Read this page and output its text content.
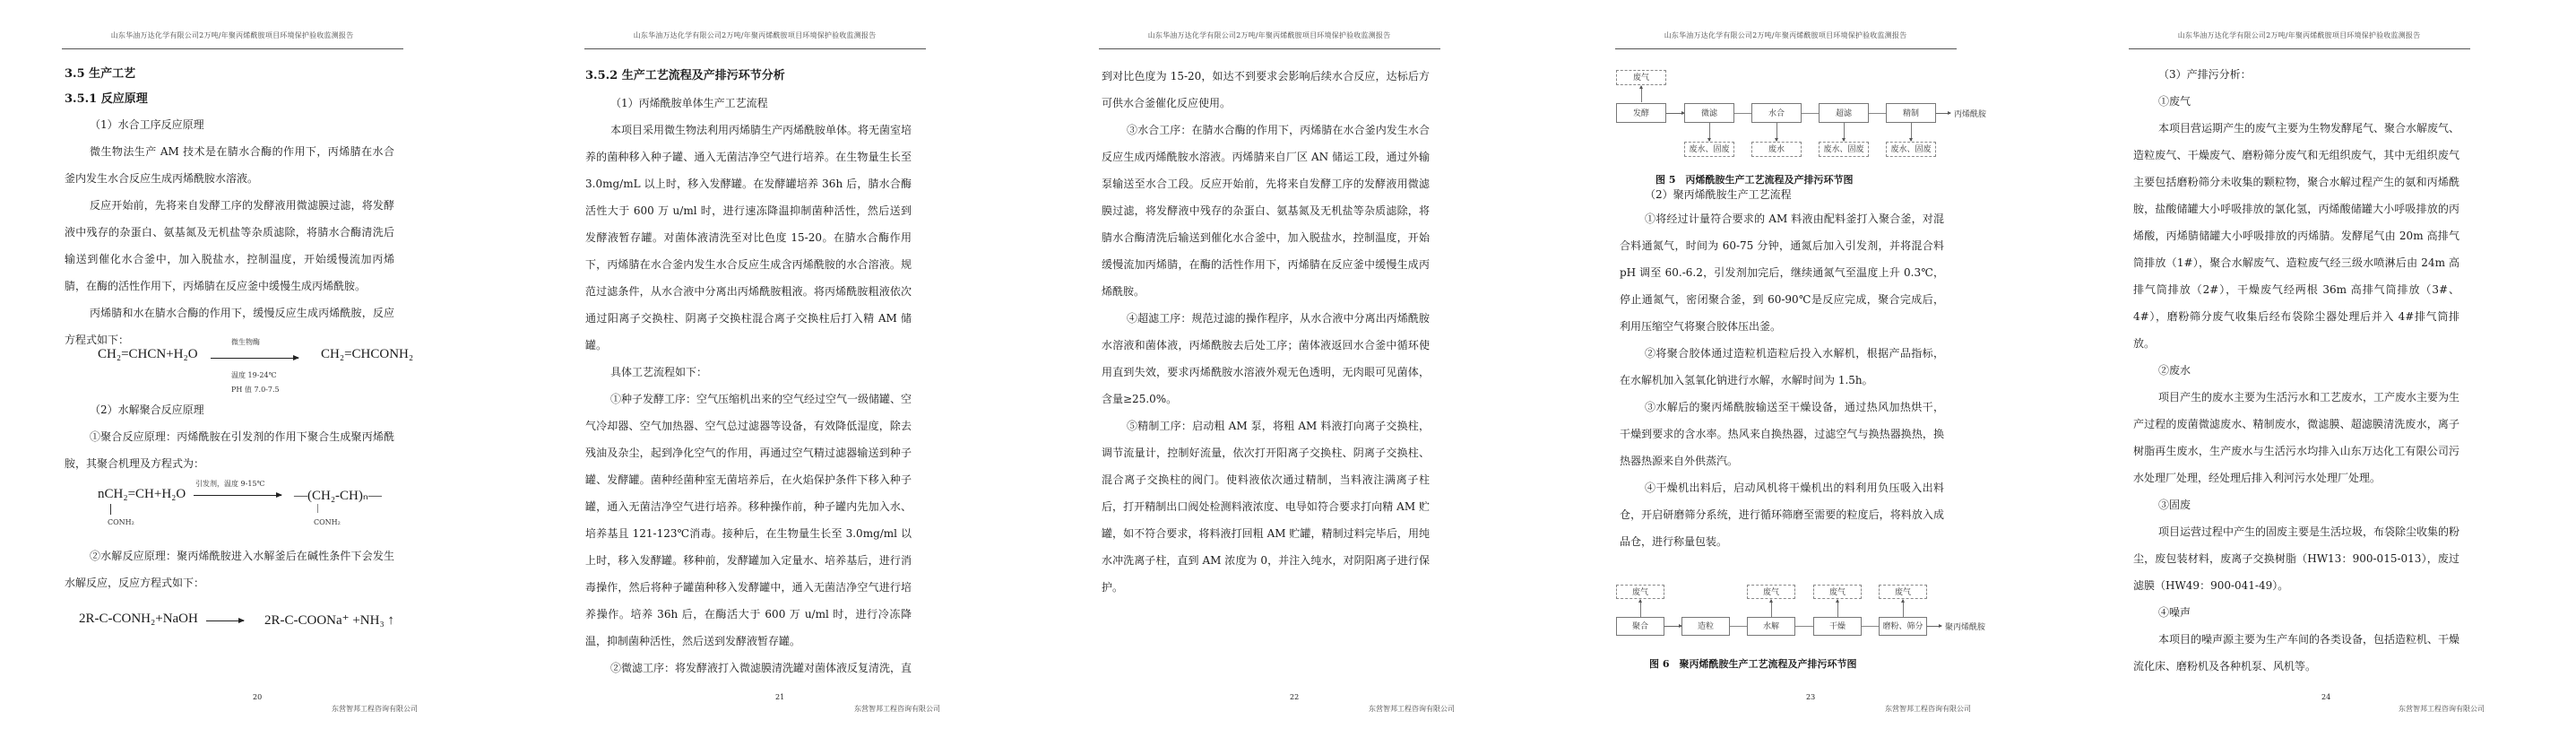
山东华油万达化学有限公司2万吨/年聚丙烯酰胺项目环境保护验收监测报告

3.5 生产工艺

3.5.1 反应原理

（1）水合工序反应原理

微生物法生产 AM 技术是在腈水合酶的作用下，丙烯腈在水合釜内发生水合反应生成丙烯酰胺水溶液。

反应开始前，先将来自发酵工序的发酵液用微滤膜过滤，将发酵液中残存的杂蛋白、氨基氮及无机盐等杂质滤除，将腈水合酶清洗后输送到催化水合釜中，加入脱盐水，控制温度，开始缓慢流加丙烯腈，在酶的活性作用下，丙烯腈在反应釜中缓慢生成丙烯酰胺。

丙烯腈和水在腈水合酶的作用下，缓慢反应生成丙烯酰胺，反应方程式如下：

CH₂=CHCN+H₂O
微生物酶
温度 19-24℃
PH 值 7.0-7.5
CH₂=CHCONH₂

（2）水解聚合反应原理

①聚合反应原理：丙烯酰胺在引发剂的作用下聚合生成聚丙烯酰胺，其聚合机理及方程式为：

nCH₂=CH+H₂O
引发剂，温度 9-15℃
—(CH₂-CH)ₙ—
CONH₂	CONH₂

②水解反应原理：聚丙烯酰胺进入水解釜后在碱性条件下会发生水解反应，反应方程式如下：

2R-C-CONH₂+NaOH → 2R-C-COONa⁺ +NH₃ ↑
20
东营智邦工程咨询有限公司
山东华油万达化学有限公司2万吨/年聚丙烯酰胺项目环境保护验收监测报告

3.5.2 生产工艺流程及产排污环节分析

（1）丙烯酰胺单体生产工艺流程

本项目采用微生物法利用丙烯腈生产丙烯酰胺单体。将无菌室培养的菌种移入种子罐、通入无菌洁净空气进行培养。在生物量生长至3.0mg/mL 以上时，移入发酵罐。在发酵罐培养 36h 后，腈水合酶活性大于 600 万 u/ml 时，进行速冻降温抑制菌种活性，然后送到发酵液暂存罐。对菌体液清洗至对比色度 15-20。在腈水合酶作用下，丙烯腈在水合釜内发生水合反应生成含丙烯酰胺的水合溶液。规范过滤条件，从水合液中分离出丙烯酰胺粗液。将丙烯酰胺粗液依次通过阳离子交换柱、阴离子交换柱混合离子交换柱后打入精 AM 储罐。

具体工艺流程如下：

①种子发酵工序：空气压缩机出来的空气经过空气一级储罐、空气冷却器、空气加热器、空气总过滤器等设备，有效降低湿度，除去残油及杂尘，起到净化空气的作用，再通过空气精过滤器输送到种子罐、发酵罐。菌种经菌种室无菌培养后，在火焰保护条件下移入种子罐，通入无菌洁净空气进行培养。移种操作前，种子罐内先加入水、培养基且 121-123℃消毒。接种后，在生物量生长至 3.0mg/ml 以上时，移入发酵罐。移种前，发酵罐加入定量水、培养基后，进行消毒操作，然后将种子罐菌种移入发酵罐中，通入无菌洁净空气进行培养操作。培养 36h 后，在酶活大于 600 万 u/ml 时，进行冷冻降温，抑制菌种活性，然后送到发酵液暂存罐。

②微滤工序：将发酵液打入微滤膜清洗罐对菌体液反复清洗，直

21
东营智邦工程咨询有限公司
山东华油万达化学有限公司2万吨/年聚丙烯酰胺项目环境保护验收监测报告

到对比色度为 15-20，如达不到要求会影响后续水合反应，达标后方可供水合釜催化反应使用。

③水合工序：在腈水合酶的作用下，丙烯腈在水合釜内发生水合反应生成丙烯酰胺水溶液。丙烯腈来自厂区 AN 储运工段，通过外输泵输送至水合工段。反应开始前，先将来自发酵工序的发酵液用微滤膜过滤，将发酵液中残存的杂蛋白、氨基氮及无机盐等杂质滤除，将腈水合酶清洗后输送到催化水合釜中，加入脱盐水，控制温度，开始缓慢流加丙烯腈，在酶的活性作用下，丙烯腈在反应釜中缓慢生成丙烯酰胺。

④超滤工序：规范过滤的操作程序，从水合液中分离出丙烯酰胺水溶液和菌体液，丙烯酰胺去后处工序；菌体液返回水合釜中循环使用直到失效，要求丙烯酰胺水溶液外观无色透明，无肉眼可见菌体，含量≥25.0%。

⑤精制工序：启动粗 AM 泵，将粗 AM 料液打向离子交换柱，调节流量计，控制好流量，依次打开阳离子交换柱、阴离子交换柱、混合离子交换柱的阀门。使料液依次通过精制，当料液注满离子柱后，打开精制出口阀处检测料液浓度、电导如符合要求打向精 AM 贮罐，如不符合要求，将料液打回粗 AM 贮罐，精制过料完毕后，用纯水冲洗离子柱，直到 AM 浓度为 0，并注入纯水，对阴阳离子进行保护。

22
东营智邦工程咨询有限公司
山东华油万达化学有限公司2万吨/年聚丙烯酰胺项目环境保护验收监测报告
废气
发酵	微滤	水合	超滤	精制	丙烯酰胺
废水、固废	废水	废水、固废	废水、固废
图 5　丙烯酰胺生产工艺流程及产排污环节图

（2）聚丙烯酰胺生产工艺流程

①将经过计量符合要求的 AM 料液由配料釜打入聚合釜，对混合料通氮气，时间为 60-75 分钟，通氮后加入引发剂，并将混合料 pH 调至 60.-6.2，引发剂加完后，继续通氮气至温度上升 0.3℃，停止通氮气，密闭聚合釜，到 60-90℃是反应完成，聚合完成后，利用压缩空气将聚合胶体压出釜。

②将聚合胶体通过造粒机造粒后投入水解机，根据产品指标，在水解机加入氢氧化钠进行水解，水解时间为 1.5h。

③水解后的聚丙烯酰胺输送至干燥设备，通过热风加热烘干，干燥到要求的含水率。热风来自换热器，过滤空气与换热器换热，换热器热源来自外供蒸汽。

④干燥机出料后，启动风机将干燥机出的料利用负压吸入出料仓，开启研磨筛分系统，进行循环筛磨至需要的粒度后，将料放入成品仓，进行称量包装。

废气	废气	废气	废气
聚合	造粒	水解	干燥	磨粉、筛分	聚丙烯酰胺
图 6　聚丙烯酰胺生产工艺流程及产排污环节图
23
东营智邦工程咨询有限公司
山东华油万达化学有限公司2万吨/年聚丙烯酰胺项目环境保护验收监测报告

（3）产排污分析：

①废气

本项目营运期产生的废气主要为生物发酵尾气、聚合水解废气、造粒废气、干燥废气、磨粉筛分废气和无组织废气，其中无组织废气主要包括磨粉筛分未收集的颗粒物，聚合水解过程产生的氨和丙烯酰胺，盐酸储罐大小呼吸排放的氯化氢，丙烯酸储罐大小呼吸排放的丙烯酸，丙烯腈储罐大小呼吸排放的丙烯腈。发酵尾气由 20m 高排气筒排放（1#），聚合水解废气、造粒废气经三级水喷淋后由 24m 高排气筒排放（2#），干燥废气经两根 36m 高排气筒排放（3#、4#），磨粉筛分废气收集后经布袋除尘器处理后并入 4#排气筒排放。

②废水

项目产生的废水主要为生活污水和工艺废水，工产废水主要为生产过程的废菌微滤废水、精制废水，微滤膜、超滤膜清洗废水，离子树脂再生废水，生产废水与生活污水均排入山东万达化工有限公司污水处理厂处理，经处理后排入利河污水处理厂处理。

③固废

项目运营过程中产生的固废主要是生活垃圾，布袋除尘收集的粉尘，废包装材料，废离子交换树脂（HW13：900-015-013），废过滤膜（HW49：900-041-49）。

④噪声

本项目的噪声源主要为生产车间的各类设备，包括造粒机、干燥流化床、磨粉机及各种机泵、风机等。

24
东营智邦工程咨询有限公司
